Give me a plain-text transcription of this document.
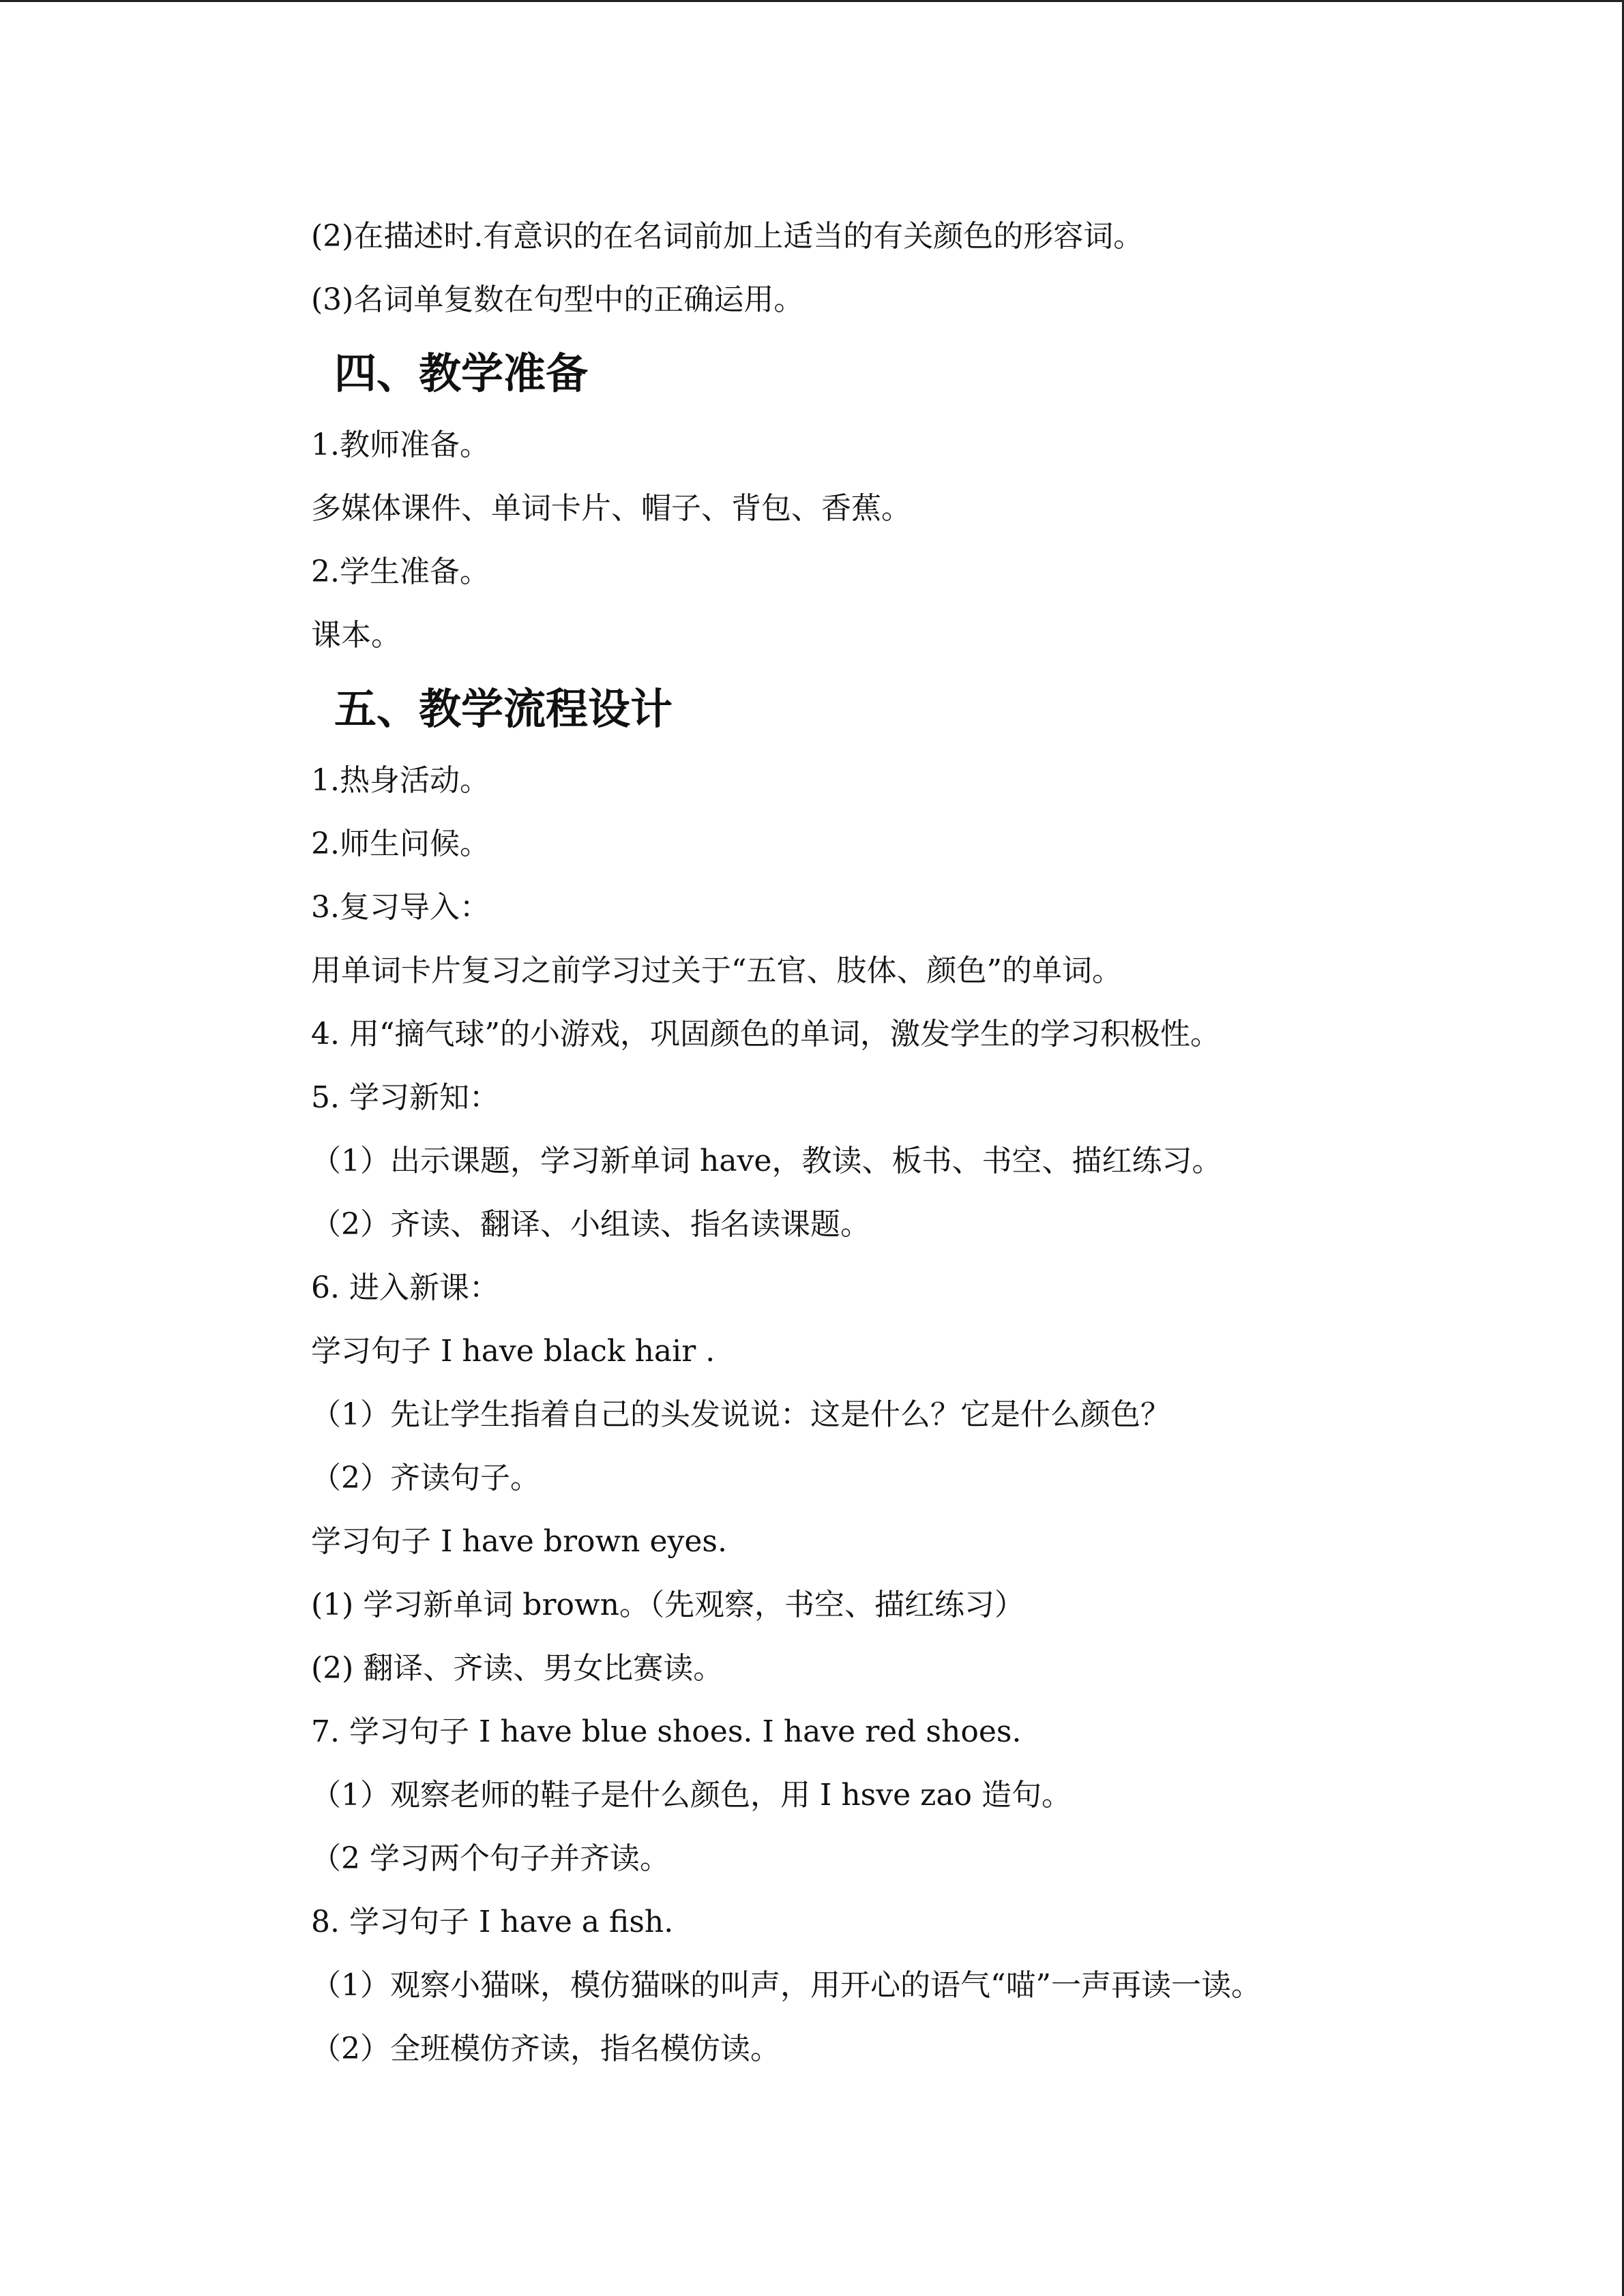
(2)在描述时.有意识的在名词前加上适当的有关颜色的形容词。

(3)名词单复数在句型中的正确运用。

四、教学准备

1.教师准备。

多媒体课件、单词卡片、帽子、背包、香蕉。

2.学生准备。

课本。

五、教学流程设计

1.热身活动。

2.师生问候。

3.复习导入：

用单词卡片复习之前学习过关于“五官、肢体、颜色”的单词。

4. 用“摘气球”的小游戏，巩固颜色的单词，激发学生的学习积极性。

5. 学习新知：

（1）出示课题，学习新单词 have，教读、板书、书空、描红练习。

（2）齐读、翻译、小组读、指名读课题。

6. 进入新课：

学习句子 I have black hair .

（1）先让学生指着自己的头发说说：这是什么？它是什么颜色？

（2）齐读句子。

学习句子 I have brown eyes.

(1) 学习新单词 brown。（先观察，书空、描红练习）

(2) 翻译、齐读、男女比赛读。

7. 学习句子 I have blue shoes. I have red shoes.

（1）观察老师的鞋子是什么颜色，用 I hsve zao 造句。

（2 学习两个句子并齐读。

8. 学习句子 I have a fish.

（1）观察小猫咪，模仿猫咪的叫声，用开心的语气“喵”一声再读一读。

（2）全班模仿齐读，指名模仿读。
